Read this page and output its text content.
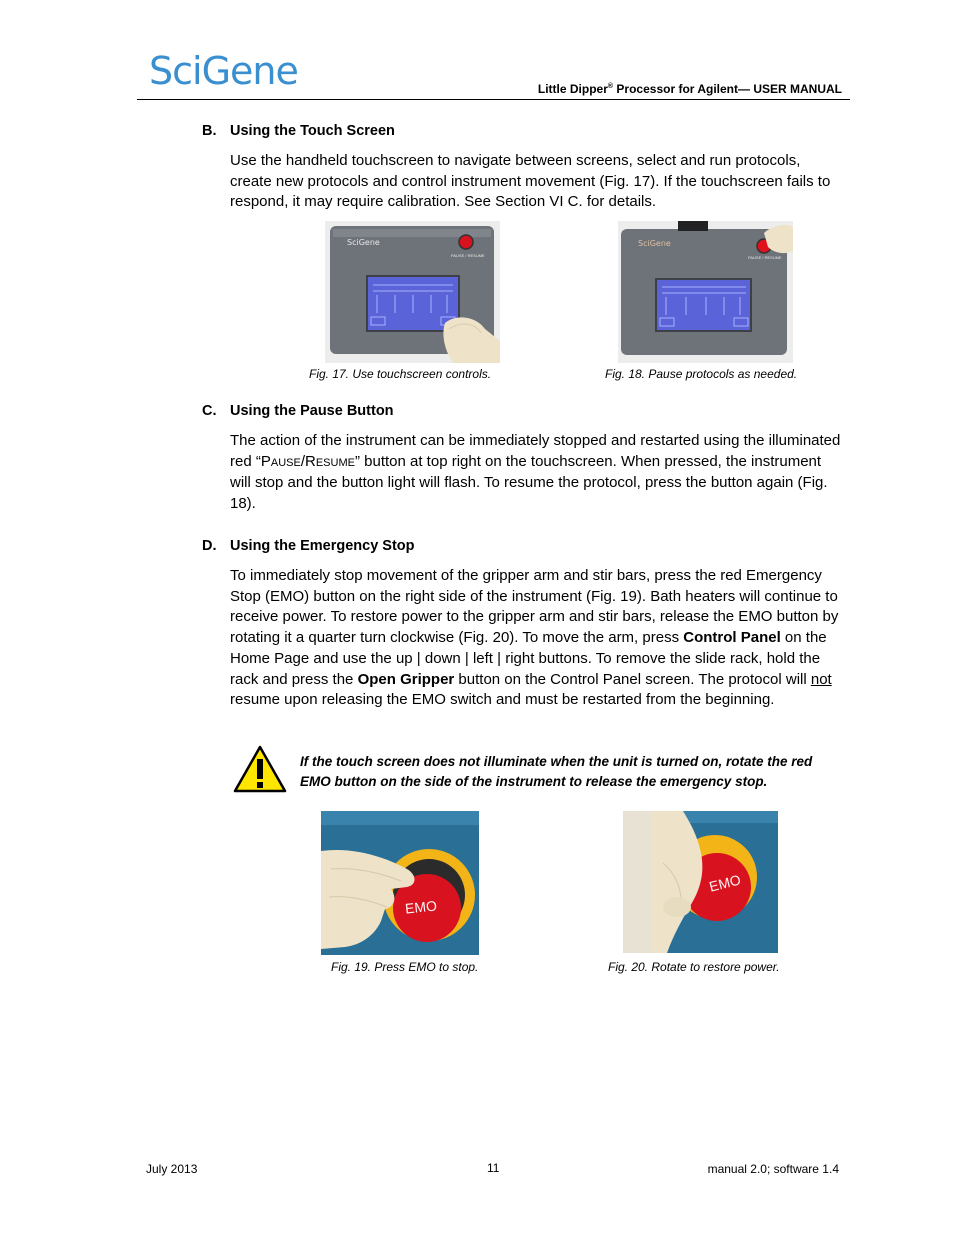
SciGene	Little Dipper® Processor for Agilent— USER MANUAL
B. Using the Touch Screen
Use the handheld touchscreen to navigate between screens, select and run protocols, create new protocols and control instrument movement (Fig. 17). If the touchscreen fails to respond, it may require calibration. See Section VI C. for details.
SciGene
PAUSE / RESUME
Fig. 17. Use touchscreen controls.
SciGene
PAUSE / RESUME
Fig. 18. Pause protocols as needed.
C. Using the Pause Button
The action of the instrument can be immediately stopped and restarted using the illuminated red “PAUSE/RESUME” button at top right on the touchscreen. When pressed, the instrument will stop and the button light will flash. To resume the protocol, press the button again (Fig. 18).
D. Using the Emergency Stop
To immediately stop movement of the gripper arm and stir bars, press the red Emergency Stop (EMO) button on the right side of the instrument (Fig. 19). Bath heaters will continue to receive power. To restore power to the gripper arm and stir bars, release the EMO button by rotating it a quarter turn clockwise (Fig. 20). To move the arm, press Control Panel on the Home Page and use the up | down | left | right buttons. To remove the slide rack, hold the rack and press the Open Gripper button on the Control Panel screen. The protocol will not resume upon releasing the EMO switch and must be restarted from the beginning.
If the touch screen does not illuminate when the unit is turned on, rotate the red EMO button on the side of the instrument to release the emergency stop.
EMO
Fig. 19. Press EMO to stop.
EMO
Fig. 20. Rotate to restore power.
July 2013	11	manual 2.0; software 1.4
